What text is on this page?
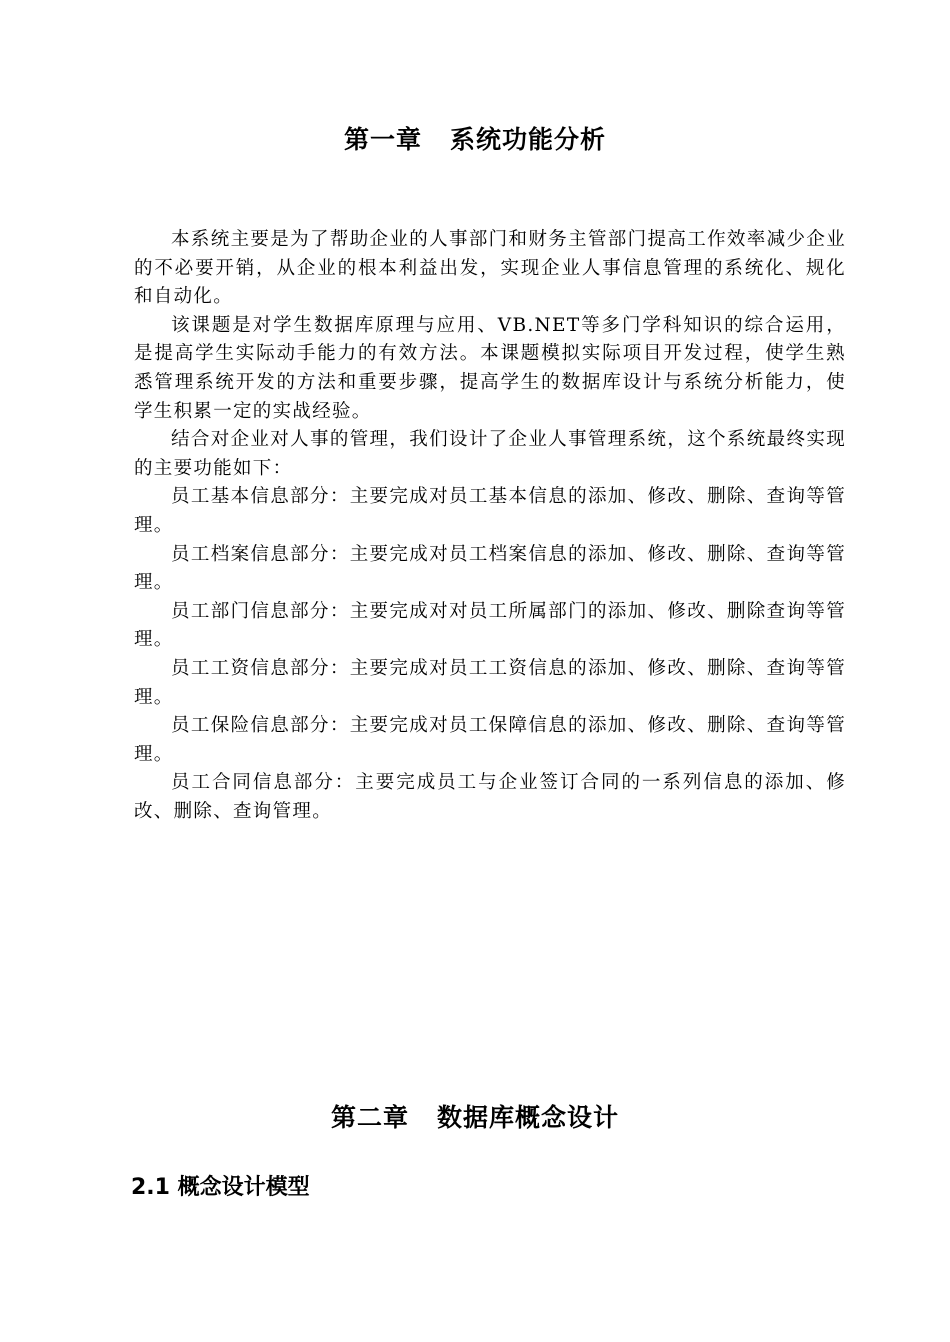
第一章 系统功能分析

本系统主要是为了帮助企业的人事部门和财务主管部门提高工作效率减少企业的不必要开销，从企业的根本利益出发，实现企业人事信息管理的系统化、规化和自动化。

该课题是对学生数据库原理与应用、VB.NET等多门学科知识的综合运用，是提高学生实际动手能力的有效方法。本课题模拟实际项目开发过程，使学生熟悉管理系统开发的方法和重要步骤，提高学生的数据库设计与系统分析能力，使学生积累一定的实战经验。

结合对企业对人事的管理，我们设计了企业人事管理系统，这个系统最终实现的主要功能如下：

员工基本信息部分：主要完成对员工基本信息的添加、修改、删除、查询等管理。

员工档案信息部分：主要完成对员工档案信息的添加、修改、删除、查询等管理。

员工部门信息部分：主要完成对对员工所属部门的添加、修改、删除查询等管理。

员工工资信息部分：主要完成对员工工资信息的添加、修改、删除、查询等管理。

员工保险信息部分：主要完成对员工保障信息的添加、修改、删除、查询等管理。

员工合同信息部分：主要完成员工与企业签订合同的一系列信息的添加、修改、删除、查询管理。

第二章 数据库概念设计
2.1 概念设计模型
